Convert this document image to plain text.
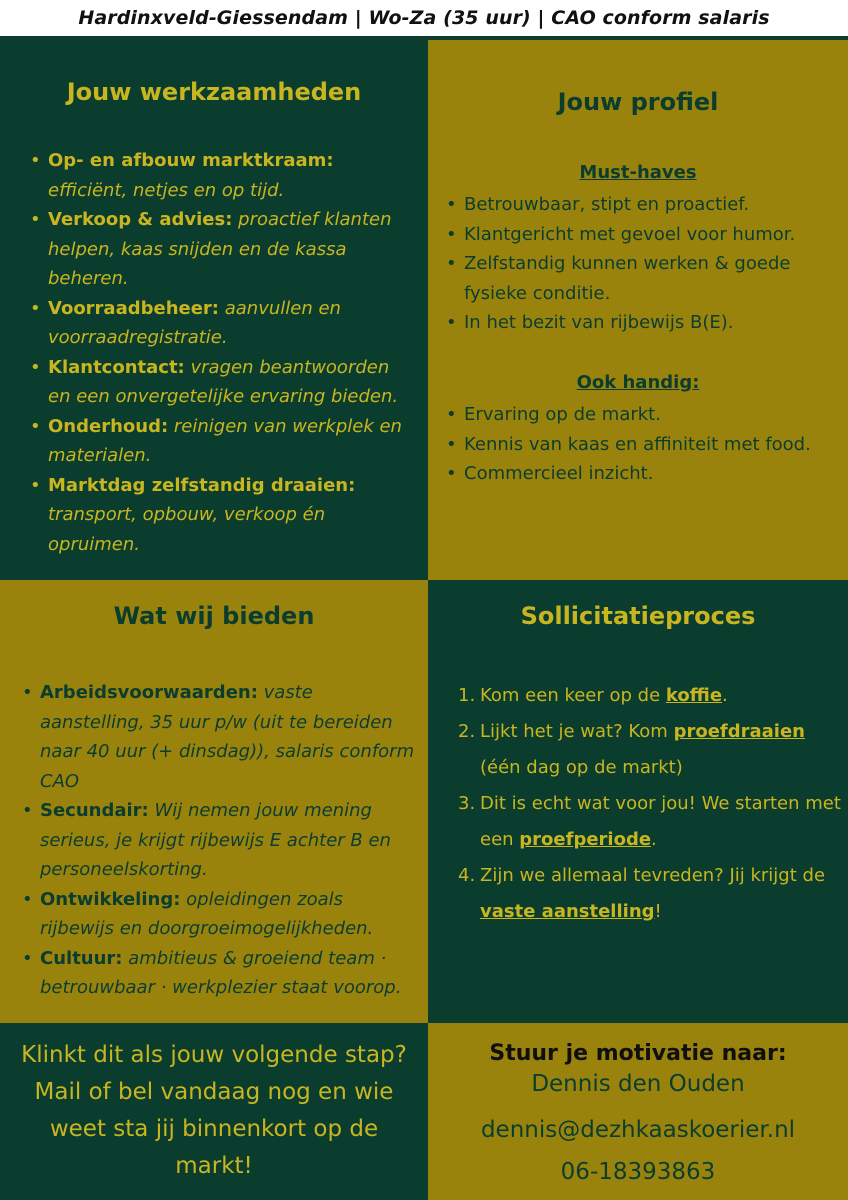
Hardinxveld-Giessendam | Wo-Za (35 uur) | CAO conform salaris
Jouw werkzaamheden
• Op- en afbouw marktkraam: efficiënt, netjes en op tijd.
• Verkoop & advies: proactief klanten helpen, kaas snijden en de kassa beheren.
• Voorraadbeheer: aanvullen en voorraadregistratie.
• Klantcontact: vragen beantwoorden en een onvergetelijke ervaring bieden.
• Onderhoud: reinigen van werkplek en materialen.
• Marktdag zelfstandig draaien: transport, opbouw, verkoop én opruimen.
Jouw profiel
Must-haves
• Betrouwbaar, stipt en proactief.
• Klantgericht met gevoel voor humor.
• Zelfstandig kunnen werken & goede fysieke conditie.
• In het bezit van rijbewijs B(E).
Ook handig:
• Ervaring op de markt.
• Kennis van kaas en affiniteit met food.
• Commercieel inzicht.
Wat wij bieden
• Arbeidsvoorwaarden: vaste aanstelling, 35 uur p/w (uit te bereiden naar 40 uur (+ dinsdag)), salaris conform CAO
• Secundair: Wij nemen jouw mening serieus, je krijgt rijbewijs E achter B en personeelskorting.
• Ontwikkeling: opleidingen zoals rijbewijs en doorgroeimogelijkheden.
• Cultuur: ambitieus & groeiend team · betrouwbaar · werkplezier staat voorop.
Sollicitatieproces
1. Kom een keer op de koffie.
2. Lijkt het je wat? Kom proefdraaien (één dag op de markt)
3. Dit is echt wat voor jou! We starten met een proefperiode.
4. Zijn we allemaal tevreden? Jij krijgt de vaste aanstelling!
Klinkt dit als jouw volgende stap? Mail of bel vandaag nog en wie weet sta jij binnenkort op de markt!
Stuur je motivatie naar:
Dennis den Ouden
dennis@dezhkaaskoerier.nl
06-18393863
